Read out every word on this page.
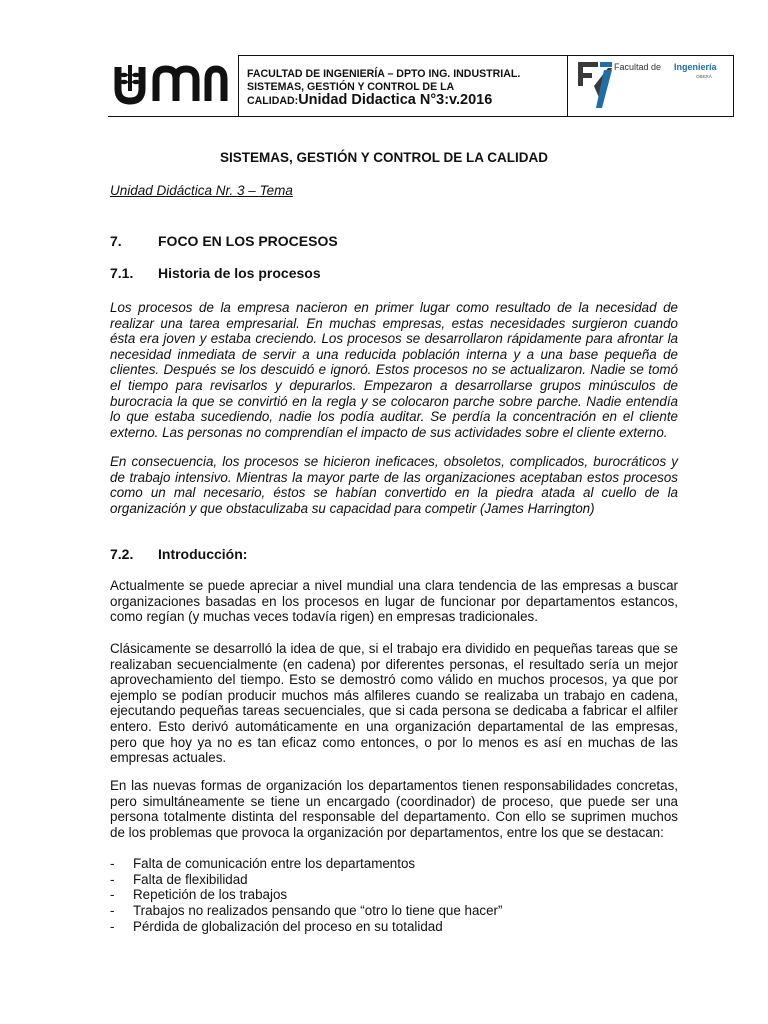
FACULTAD DE INGENIERÍA – DPTO ING. INDUSTRIAL.
SISTEMAS, GESTIÓN Y CONTROL DE LA
CALIDAD:Unidad Didactica N°3:v.2016
Facultad de Ingeniería
OBERÁ
SISTEMAS, GESTIÓN Y CONTROL DE LA CALIDAD
Unidad Didáctica Nr. 3 – Tema
7.	FOCO EN LOS PROCESOS
7.1. Historia de los procesos

Los procesos de la empresa nacieron en primer lugar como resultado de la necesidad de realizar una tarea empresarial. En muchas empresas, estas necesidades surgieron cuando ésta era joven y estaba creciendo. Los procesos se desarrollaron rápidamente para afrontar la necesidad inmediata de servir a una reducida población interna y a una base pequeña de clientes. Después se los descuidó e ignoró. Estos procesos no se actualizaron. Nadie se tomó el tiempo para revisarlos y depurarlos. Empezaron a desarrollarse grupos minúsculos de burocracia la que se convirtió en la regla y se colocaron parche sobre parche. Nadie entendía lo que estaba sucediendo, nadie los podía auditar. Se perdía la concentración en el cliente externo. Las personas no comprendían el impacto de sus actividades sobre el cliente externo.

En consecuencia, los procesos se hicieron ineficaces, obsoletos, complicados, burocráticos y de trabajo intensivo. Mientras la mayor parte de las organizaciones aceptaban estos procesos como un mal necesario, éstos se habían convertido en la piedra atada al cuello de la organización y que obstaculizaba su capacidad para competir (James Harrington)

7.2. Introducción:

Actualmente se puede apreciar a nivel mundial una clara tendencia de las empresas a buscar organizaciones basadas en los procesos en lugar de funcionar por departamentos estancos, como regían (y muchas veces todavía rigen) en empresas tradicionales.

Clásicamente se desarrolló la idea de que, si el trabajo era dividido en pequeñas tareas que se realizaban secuencialmente (en cadena) por diferentes personas, el resultado sería un mejor aprovechamiento del tiempo. Esto se demostró como válido en muchos procesos, ya que por ejemplo se podían producir muchos más alfileres cuando se realizaba un trabajo en cadena, ejecutando pequeñas tareas secuenciales, que si cada persona se dedicaba a fabricar el alfiler entero. Esto derivó automáticamente en una organización departamental de las empresas, pero que hoy ya no es tan eficaz como entonces, o por lo menos es así en muchas de las empresas actuales.

En las nuevas formas de organización los departamentos tienen responsabilidades concretas, pero simultáneamente se tiene un encargado (coordinador) de proceso, que puede ser una persona totalmente distinta del responsable del departamento. Con ello se suprimen muchos de los problemas que provoca la organización por departamentos, entre los que se destacan:

- Falta de comunicación entre los departamentos
- Falta de flexibilidad
- Repetición de los trabajos
- Trabajos no realizados pensando que “otro lo tiene que hacer”
- Pérdida de globalización del proceso en su totalidad
